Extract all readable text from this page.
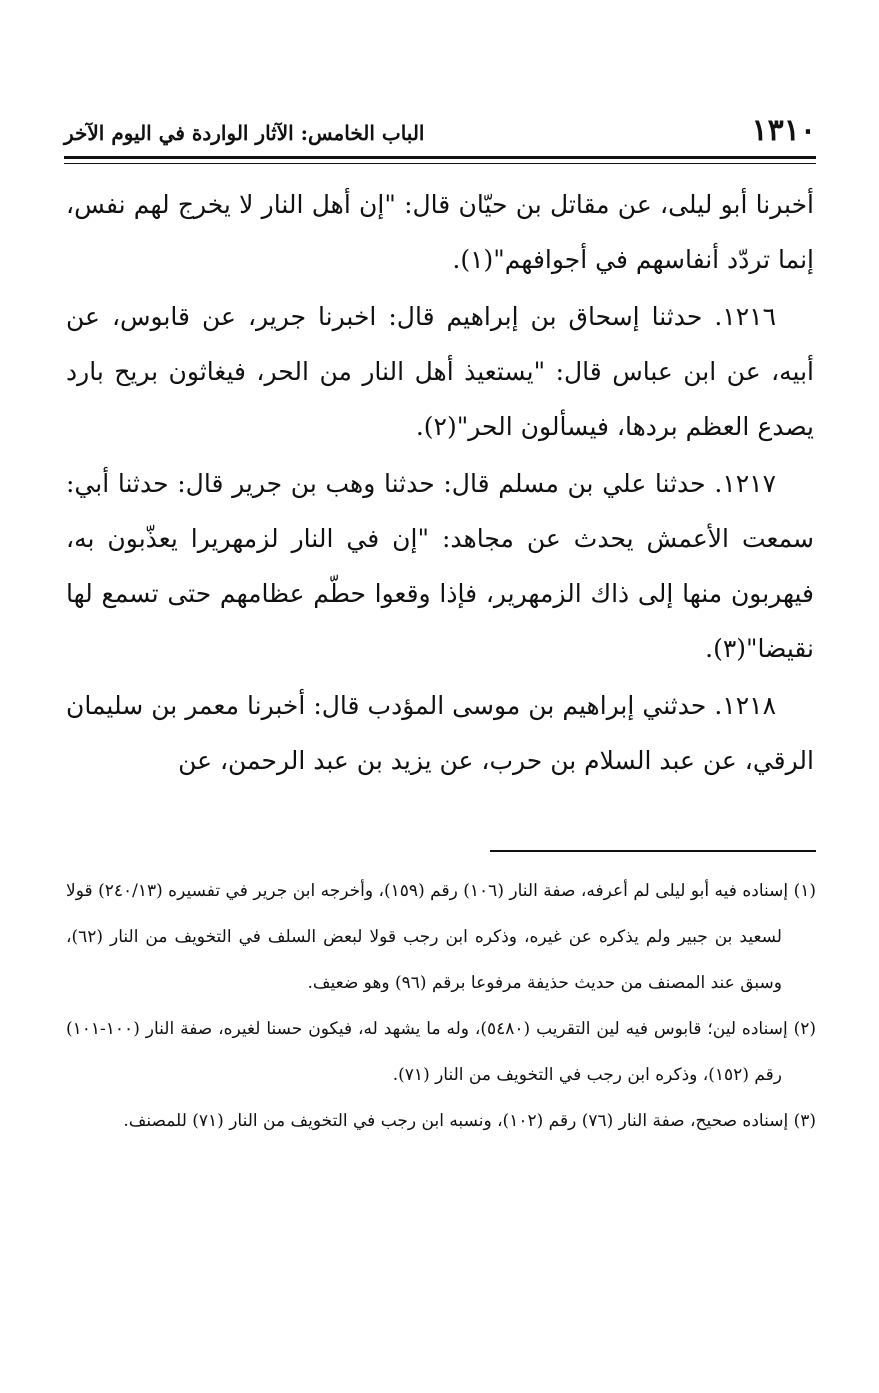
١٣١٠
الباب الخامس: الآثار الواردة في اليوم الآخر

أخبرنا أبو ليلى، عن مقاتل بن حيّان قال: "إن أهل النار لا يخرج لهم نفس، إنما تردّد أنفاسهم في أجوافهم"(١).

١٢١٦. حدثنا إسحاق بن إبراهيم قال: اخبرنا جرير، عن قابوس، عن أبيه، عن ابن عباس قال: "يستعيذ أهل النار من الحر، فيغاثون بريح بارد يصدع العظم بردها، فيسألون الحر"(٢).

١٢١٧. حدثنا علي بن مسلم قال: حدثنا وهب بن جرير قال: حدثنا أبي: سمعت الأعمش يحدث عن مجاهد: "إن في النار لزمهريرا يعذّبون به، فيهربون منها إلى ذاك الزمهرير، فإذا وقعوا حطّم عظامهم حتى تسمع لها نقيضا"(٣).

١٢١٨. حدثني إبراهيم بن موسى المؤدب قال: أخبرنا معمر بن سليمان الرقي، عن عبد السلام بن حرب، عن يزيد بن عبد الرحمن، عن

(١) إسناده فيه أبو ليلى لم أعرفه، صفة النار (١٠٦) رقم (١٥٩)، وأخرجه ابن جرير في تفسيره (٢٤٠/١٣) قولا لسعيد بن جبير ولم يذكره عن غيره، وذكره ابن رجب قولا لبعض السلف في التخويف من النار (٦٢)، وسبق عند المصنف من حديث حذيفة مرفوعا برقم (٩٦) وهو ضعيف.

(٢) إسناده لين؛ قابوس فيه لين التقريب (٥٤٨٠)، وله ما يشهد له، فيكون حسنا لغيره، صفة النار (١٠٠-١٠١) رقم (١٥٢)، وذكره ابن رجب في التخويف من النار (٧١).

(٣) إسناده صحيح، صفة النار (٧٦) رقم (١٠٢)، ونسبه ابن رجب في التخويف من النار (٧١) للمصنف.
